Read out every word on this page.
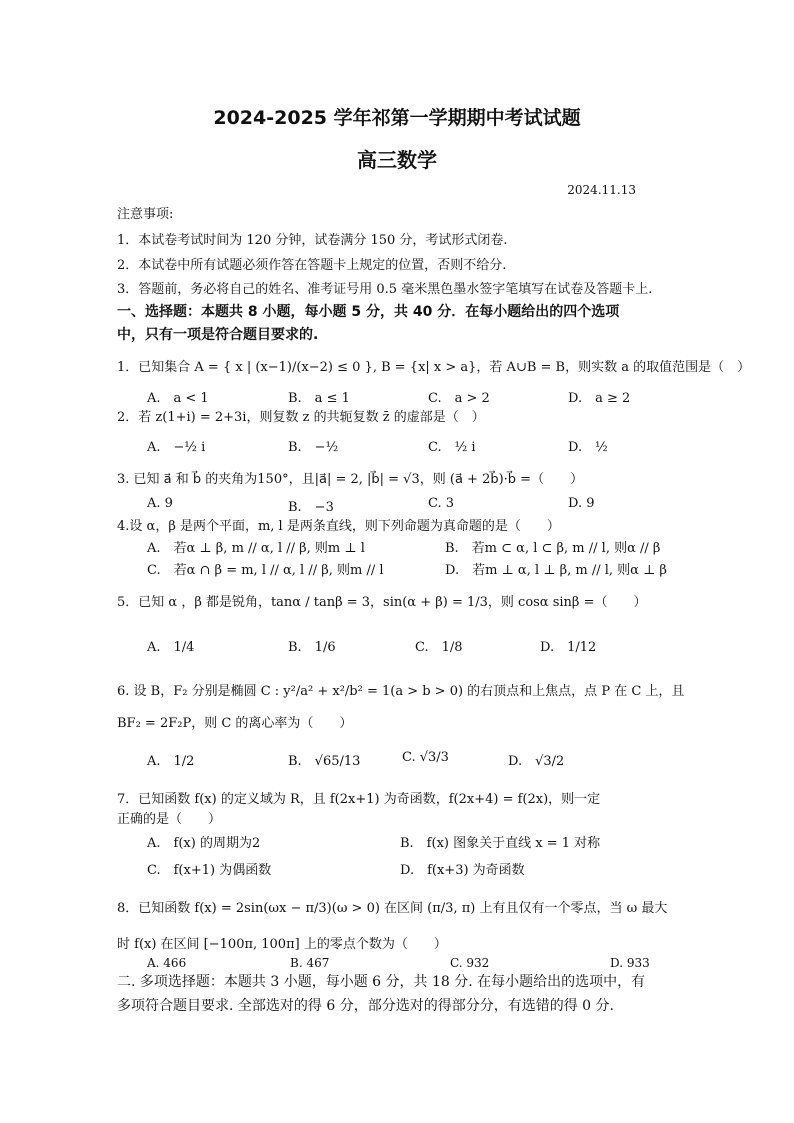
2024-2025 学年祁第一学期期中考试试题
高三数学
2024.11.13
注意事项:
1．本试卷考试时间为 120 分钟，试卷满分 150 分，考试形式闭卷.
2．本试卷中所有试题必须作答在答题卡上规定的位置，否则不给分.
3．答题前，务必将自己的姓名、准考证号用 0.5 毫米黑色墨水签字笔填写在试卷及答题卡上.
一、选择题：本题共 8 小题，每小题 5 分，共 40 分．在每小题给出的四个选项
中，只有一项是符合题目要求的.
1．已知集合 A = { x | (x−1)/(x−2) ≤ 0 }, B = {x| x > a}，若 A∪B = B，则实数 a 的取值范围是（　）
A.　a < 1	B.　a ≤ 1	C.　a > 2	D.　a ≥ 2
2．若 z(1+i) = 2+3i，则复数 z 的共轭复数 z̄ 的虚部是（　）
A.　−½ i	B.　−½	C.　½ i	D.　½
3. 已知 a⃗ 和 b⃗ 的夹角为150°，且|a⃗| = 2, |b⃗| = √3，则 (a⃗ + 2b⃗)·b⃗ =（　　）
A. 9	B.　−3	C. 3	D. 9
4.设 α，β 是两个平面，m, l 是两条直线，则下列命题为真命题的是（　　）
A.　若α ⊥ β, m // α, l // β, 则m ⊥ l	B.　若m ⊂ α, l ⊂ β, m // l, 则α // β
C.　若α ∩ β = m, l // α, l // β, 则m // l	D.　若m ⊥ α, l ⊥ β, m // l, 则α ⊥ β
5．已知 α ，β 都是锐角，tanα / tanβ = 3，sin(α + β) = 1/3，则 cosα sinβ =（　　）
A.　1/4	B.　1/6	C.　1/8	D.　1/12
6. 设 B，F₂ 分别是椭圆 C : y²/a² + x²/b² = 1(a > b > 0) 的右顶点和上焦点，点 P 在 C 上，且
BF₂ = 2F₂P，则 C 的离心率为（　　）
A.　1/2	B.　√65/13	C. √3/3	D.　√3/2
7．已知函数 f(x) 的定义域为 R，且 f(2x+1) 为奇函数，f(2x+4) = f(2x)，则一定
正确的是（　　）
A.　f(x) 的周期为2	B.　f(x) 图象关于直线 x = 1 对称
C.　f(x+1) 为偶函数	D.　f(x+3) 为奇函数
8．已知函数 f(x) = 2sin(ωx − π/3)(ω > 0) 在区间 (π/3, π) 上有且仅有一个零点，当 ω 最大
时 f(x) 在区间 [−100π, 100π] 上的零点个数为（　　）
A. 466	B. 467	C. 932	D. 933
二. 多项选择题：本题共 3 小题，每小题 6 分，共 18 分. 在每小题给出的选项中，有
多项符合题目要求. 全部选对的得 6 分，部分选对的得部分分，有选错的得 0 分.
